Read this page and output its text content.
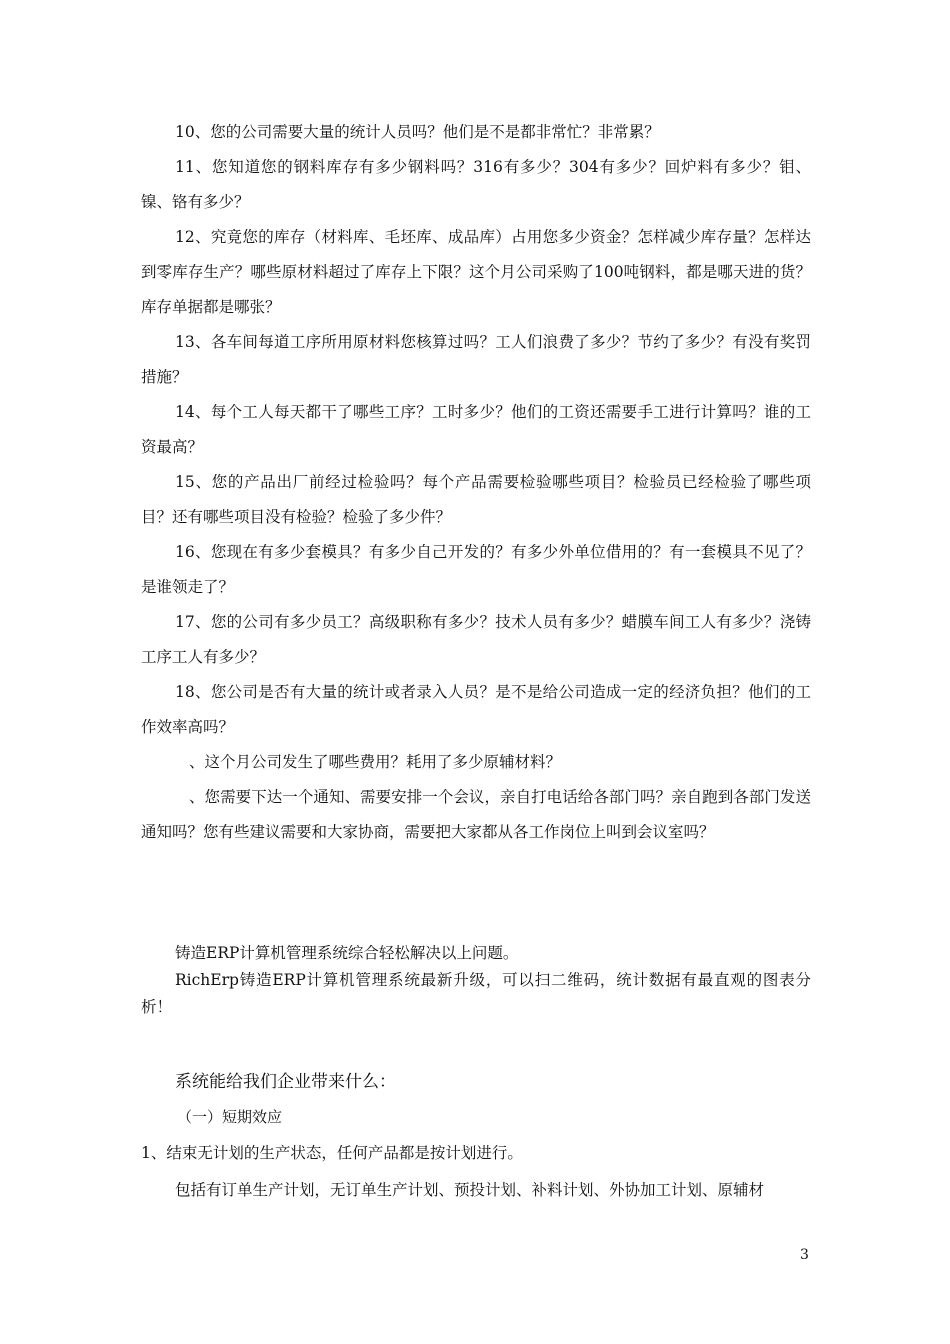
10、您的公司需要大量的统计人员吗？他们是不是都非常忙？非常累？

11、您知道您的钢料库存有多少钢料吗？316有多少？304有多少？回炉料有多少？钼、镍、铬有多少？

12、究竟您的库存（材料库、毛坯库、成品库）占用您多少资金？怎样减少库存量？怎样达到零库存生产？哪些原材料超过了库存上下限？这个月公司采购了100吨钢料，都是哪天进的货？库存单据都是哪张？

13、各车间每道工序所用原材料您核算过吗？工人们浪费了多少？节约了多少？有没有奖罚措施？

14、每个工人每天都干了哪些工序？工时多少？他们的工资还需要手工进行计算吗？谁的工资最高？

15、您的产品出厂前经过检验吗？每个产品需要检验哪些项目？检验员已经检验了哪些项目？还有哪些项目没有检验？检验了多少件？

16、您现在有多少套模具？有多少自己开发的？有多少外单位借用的？有一套模具不见了？是谁领走了？

17、您的公司有多少员工？高级职称有多少？技术人员有多少？蜡膜车间工人有多少？浇铸工序工人有多少？

18、您公司是否有大量的统计或者录入人员？是不是给公司造成一定的经济负担？他们的工作效率高吗？

、这个月公司发生了哪些费用？耗用了多少原辅材料？

、您需要下达一个通知、需要安排一个会议，亲自打电话给各部门吗？亲自跑到各部门发送通知吗？您有些建议需要和大家协商，需要把大家都从各工作岗位上叫到会议室吗？

铸造ERP计算机管理系统综合轻松解决以上问题。

RichErp铸造ERP计算机管理系统最新升级，可以扫二维码，统计数据有最直观的图表分析！

系统能给我们企业带来什么：

（一）短期效应

1、结束无计划的生产状态，任何产品都是按计划进行。

包括有订单生产计划，无订单生产计划、预投计划、补料计划、外协加工计划、原辅材

3
